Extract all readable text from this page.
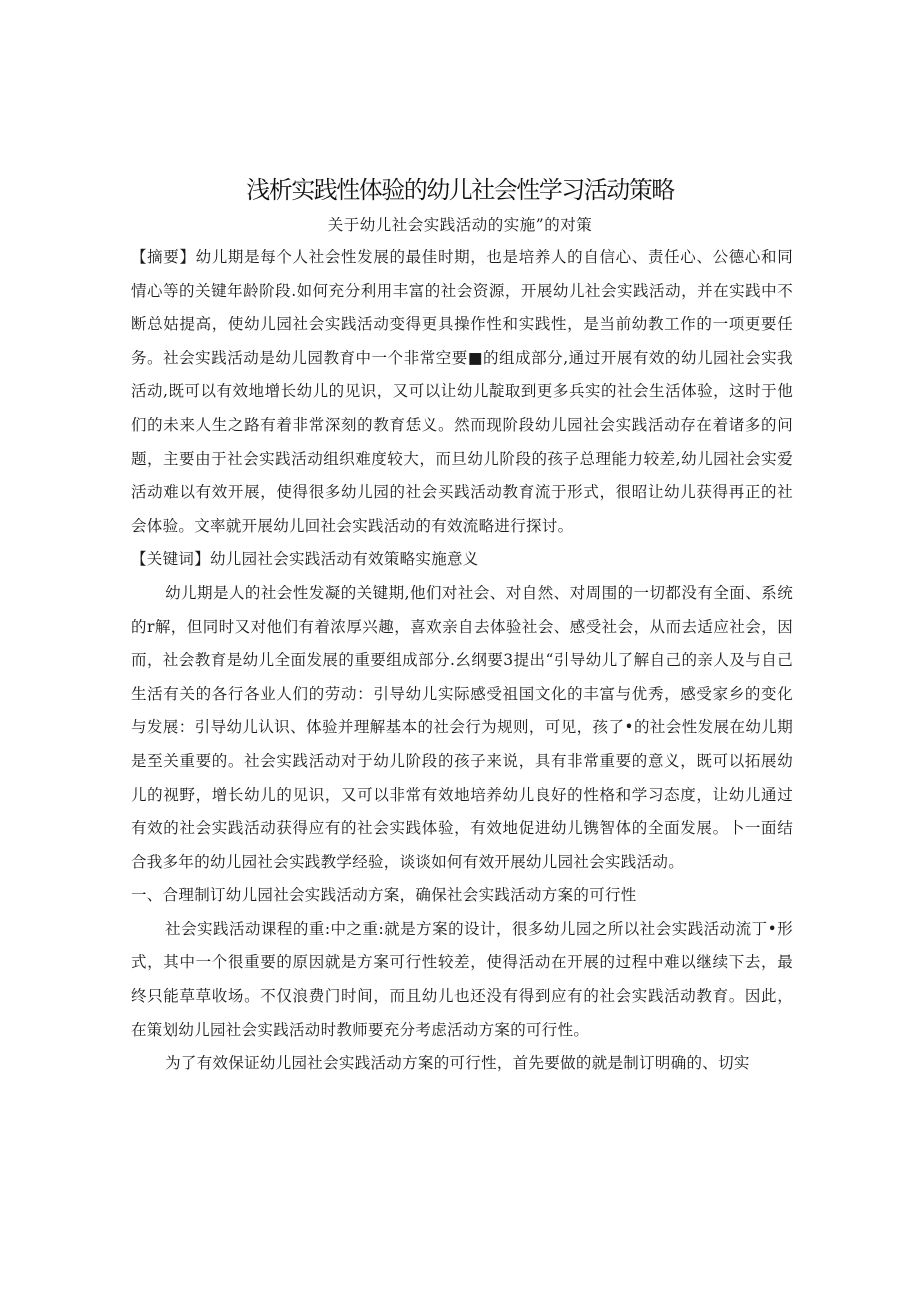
浅析实践性体验的幼儿社会性学习活动策略

关于幼儿社会实践活动的实施”的对策

【摘要】幼儿期是每个人社会性发展的最佳时期，也是培养人的自信心、责任心、公德心和同情心等的关键年龄阶段.如何充分利用丰富的社会资源，开展幼儿社会实践活动，并在实践中不断总姑提高，使幼儿园社会实践活动变得更具操作性和实践性，是当前幼教工作的一项更要任务。社会实践活动是幼儿园教育中一个非常空要■的组成部分,通过开展有效的幼儿园社会实我活动,既可以有效地增长幼儿的见识，又可以让幼儿靛取到更多兵实的社会生活体验，这时于他们的未来人生之路有着非常深刻的教育恁义。然而现阶段幼儿园社会实践活动存在着诸多的问题，主要由于社会实践活动组织难度较大，而旦幼儿阶段的孩子总理能力较差,幼儿园社会实爱活动难以有效开展，使得很多幼儿园的社会买践活动教育流于形式，很昭让幼儿获得再正的社会体验。文率就开展幼儿回社会实践活动的有效流略进行探讨。

【关键词】幼儿园社会实践活动有效策略实施意义

幼儿期是人的社会性发凝的关键期,他们对社会、对自然、对周围的一切都没有全面、系统的r解，但同时又对他们有着浓厚兴趣，喜欢亲自去体验社会、感受社会，从而去适应社会，因而，社会教育是幼儿全面发展的重要组成部分.幺纲要3提出“引导幼儿了解自己的亲人及与自己生活有关的各行各业人们的劳动：引导幼儿实际感受祖国文化的丰富与优秀，感受家乡的变化与发展：引导幼儿认识、体验并理解基本的社会行为规则，可见，孩了•的社会性发展在幼儿期是至关重要的。社会实践活动对于幼儿阶段的孩子来说，具有非常重要的意义，既可以拓展幼儿的视野，增长幼儿的见识，又可以非常有效地培养幼儿良好的性格和学习态度，让幼儿通过有效的社会实践活动获得应有的社会实践体验，有效地促进幼儿镌智体的全面发展。卜一面结合我多年的幼儿园社会实践教学经验，谈谈如何有效开展幼儿园社会实践活动。

一、合理制订幼儿园社会实践活动方案，确保社会实践活动方案的可行性

社会实践活动课程的重:中之重:就是方案的设计，很多幼儿园之所以社会实践活动流丁•形式，其中一个很重要的原因就是方案可行性较差，使得活动在开展的过程中难以继续下去，最终只能草草收场。不仅浪费门时间，而且幼儿也还没有得到应有的社会实践活动教育。因此，在策划幼儿园社会实践活动时教师要充分考虑活动方案的可行性。

为了有效保证幼儿园社会实践活动方案的可行性，首先要做的就是制订明确的、切实
